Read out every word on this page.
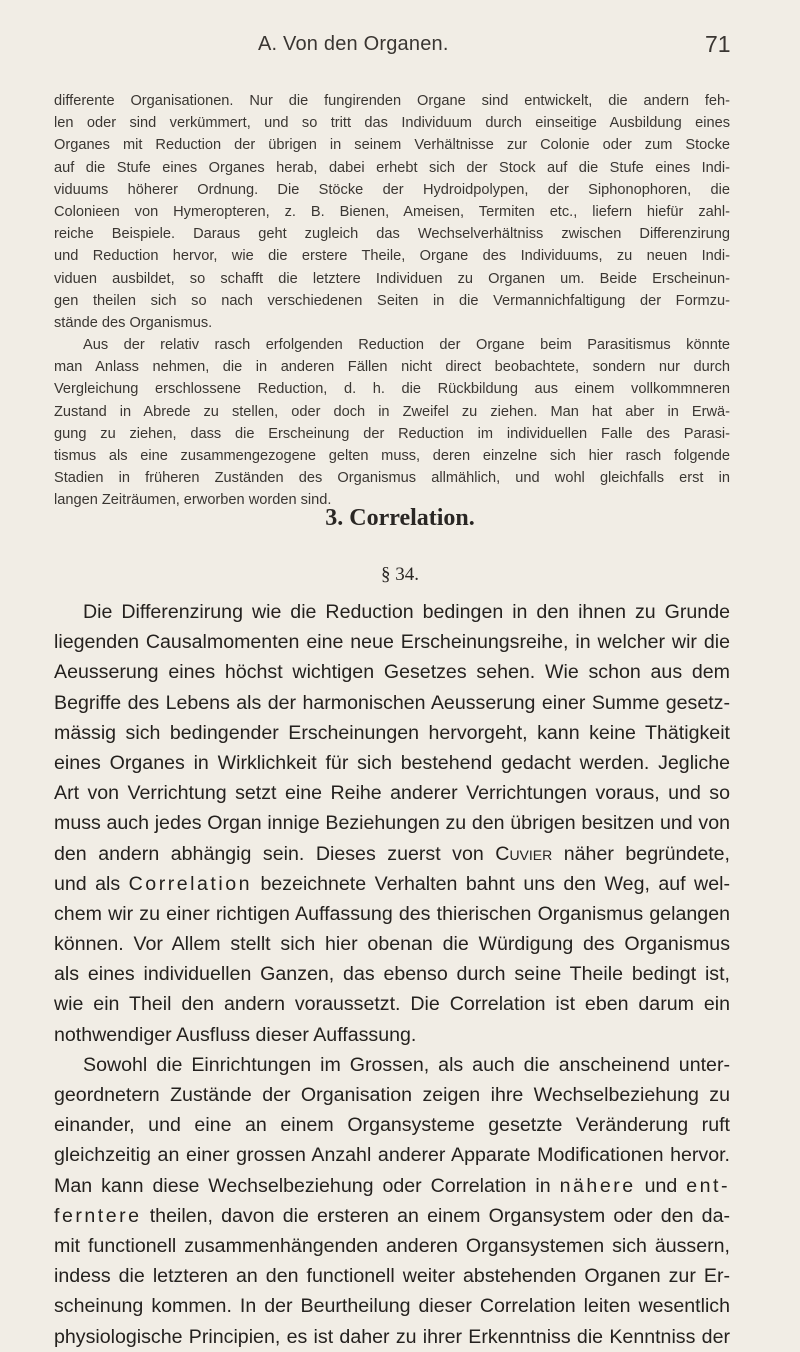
A. Von den Organen.	71
differente Organisationen. Nur die fungirenden Organe sind entwickelt, die andern feh-
len oder sind verkümmert, und so tritt das Individuum durch einseitige Ausbildung eines
Organes mit Reduction der übrigen in seinem Verhältnisse zur Colonie oder zum Stocke
auf die Stufe eines Organes herab, dabei erhebt sich der Stock auf die Stufe eines Indi-
viduums höherer Ordnung. Die Stöcke der Hydroidpolypen, der Siphonophoren, die
Colonieen von Hymeropteren, z. B. Bienen, Ameisen, Termiten etc., liefern hiefür zahl-
reiche Beispiele. Daraus geht zugleich das Wechselverhältniss zwischen Differenzirung
und Reduction hervor, wie die erstere Theile, Organe des Individuums, zu neuen Indi-
viduen ausbildet, so schafft die letztere Individuen zu Organen um. Beide Erscheinun-
gen theilen sich so nach verschiedenen Seiten in die Vermannichfaltigung der Formzu-
stände des Organismus.
Aus der relativ rasch erfolgenden Reduction der Organe beim Parasitismus könnte
man Anlass nehmen, die in anderen Fällen nicht direct beobachtete, sondern nur durch
Vergleichung erschlossene Reduction, d. h. die Rückbildung aus einem vollkommneren
Zustand in Abrede zu stellen, oder doch in Zweifel zu ziehen. Man hat aber in Erwä-
gung zu ziehen, dass die Erscheinung der Reduction im individuellen Falle des Parasi-
tismus als eine zusammengezogene gelten muss, deren einzelne sich hier rasch folgende
Stadien in früheren Zuständen des Organismus allmählich, und wohl gleichfalls erst in
langen Zeiträumen, erworben worden sind.
3. Correlation.
§ 34.
Die Differenzirung wie die Reduction bedingen in den ihnen zu Grunde
liegenden Causalmomenten eine neue Erscheinungsreihe, in welcher wir die
Aeusserung eines höchst wichtigen Gesetzes sehen. Wie schon aus dem
Begriffe des Lebens als der harmonischen Aeusserung einer Summe gesetz-
mässig sich bedingender Erscheinungen hervorgeht, kann keine Thätigkeit
eines Organes in Wirklichkeit für sich bestehend gedacht werden. Jegliche
Art von Verrichtung setzt eine Reihe anderer Verrichtungen voraus, und so
muss auch jedes Organ innige Beziehungen zu den übrigen besitzen und von
den andern abhängig sein. Dieses zuerst von Cuvier näher begründete,
und als Correlation bezeichnete Verhalten bahnt uns den Weg, auf wel-
chem wir zu einer richtigen Auffassung des thierischen Organismus gelangen
können. Vor Allem stellt sich hier obenan die Würdigung des Organismus
als eines individuellen Ganzen, das ebenso durch seine Theile bedingt ist,
wie ein Theil den andern voraussetzt. Die Correlation ist eben darum ein
nothwendiger Ausfluss dieser Auffassung.
Sowohl die Einrichtungen im Grossen, als auch die anscheinend unter-
geordnetern Zustände der Organisation zeigen ihre Wechselbeziehung zu
einander, und eine an einem Organsysteme gesetzte Veränderung ruft
gleichzeitig an einer grossen Anzahl anderer Apparate Modificationen hervor.
Man kann diese Wechselbeziehung oder Correlation in nähere und ent-
ferntere theilen, davon die ersteren an einem Organsystem oder den da-
mit functionell zusammenhängenden anderen Organsystemen sich äussern,
indess die letzteren an den functionell weiter abstehenden Organen zur Er-
scheinung kommen. In der Beurtheilung dieser Correlation leiten wesentlich
physiologische Principien, es ist daher zu ihrer Erkenntniss die Kenntniss der
